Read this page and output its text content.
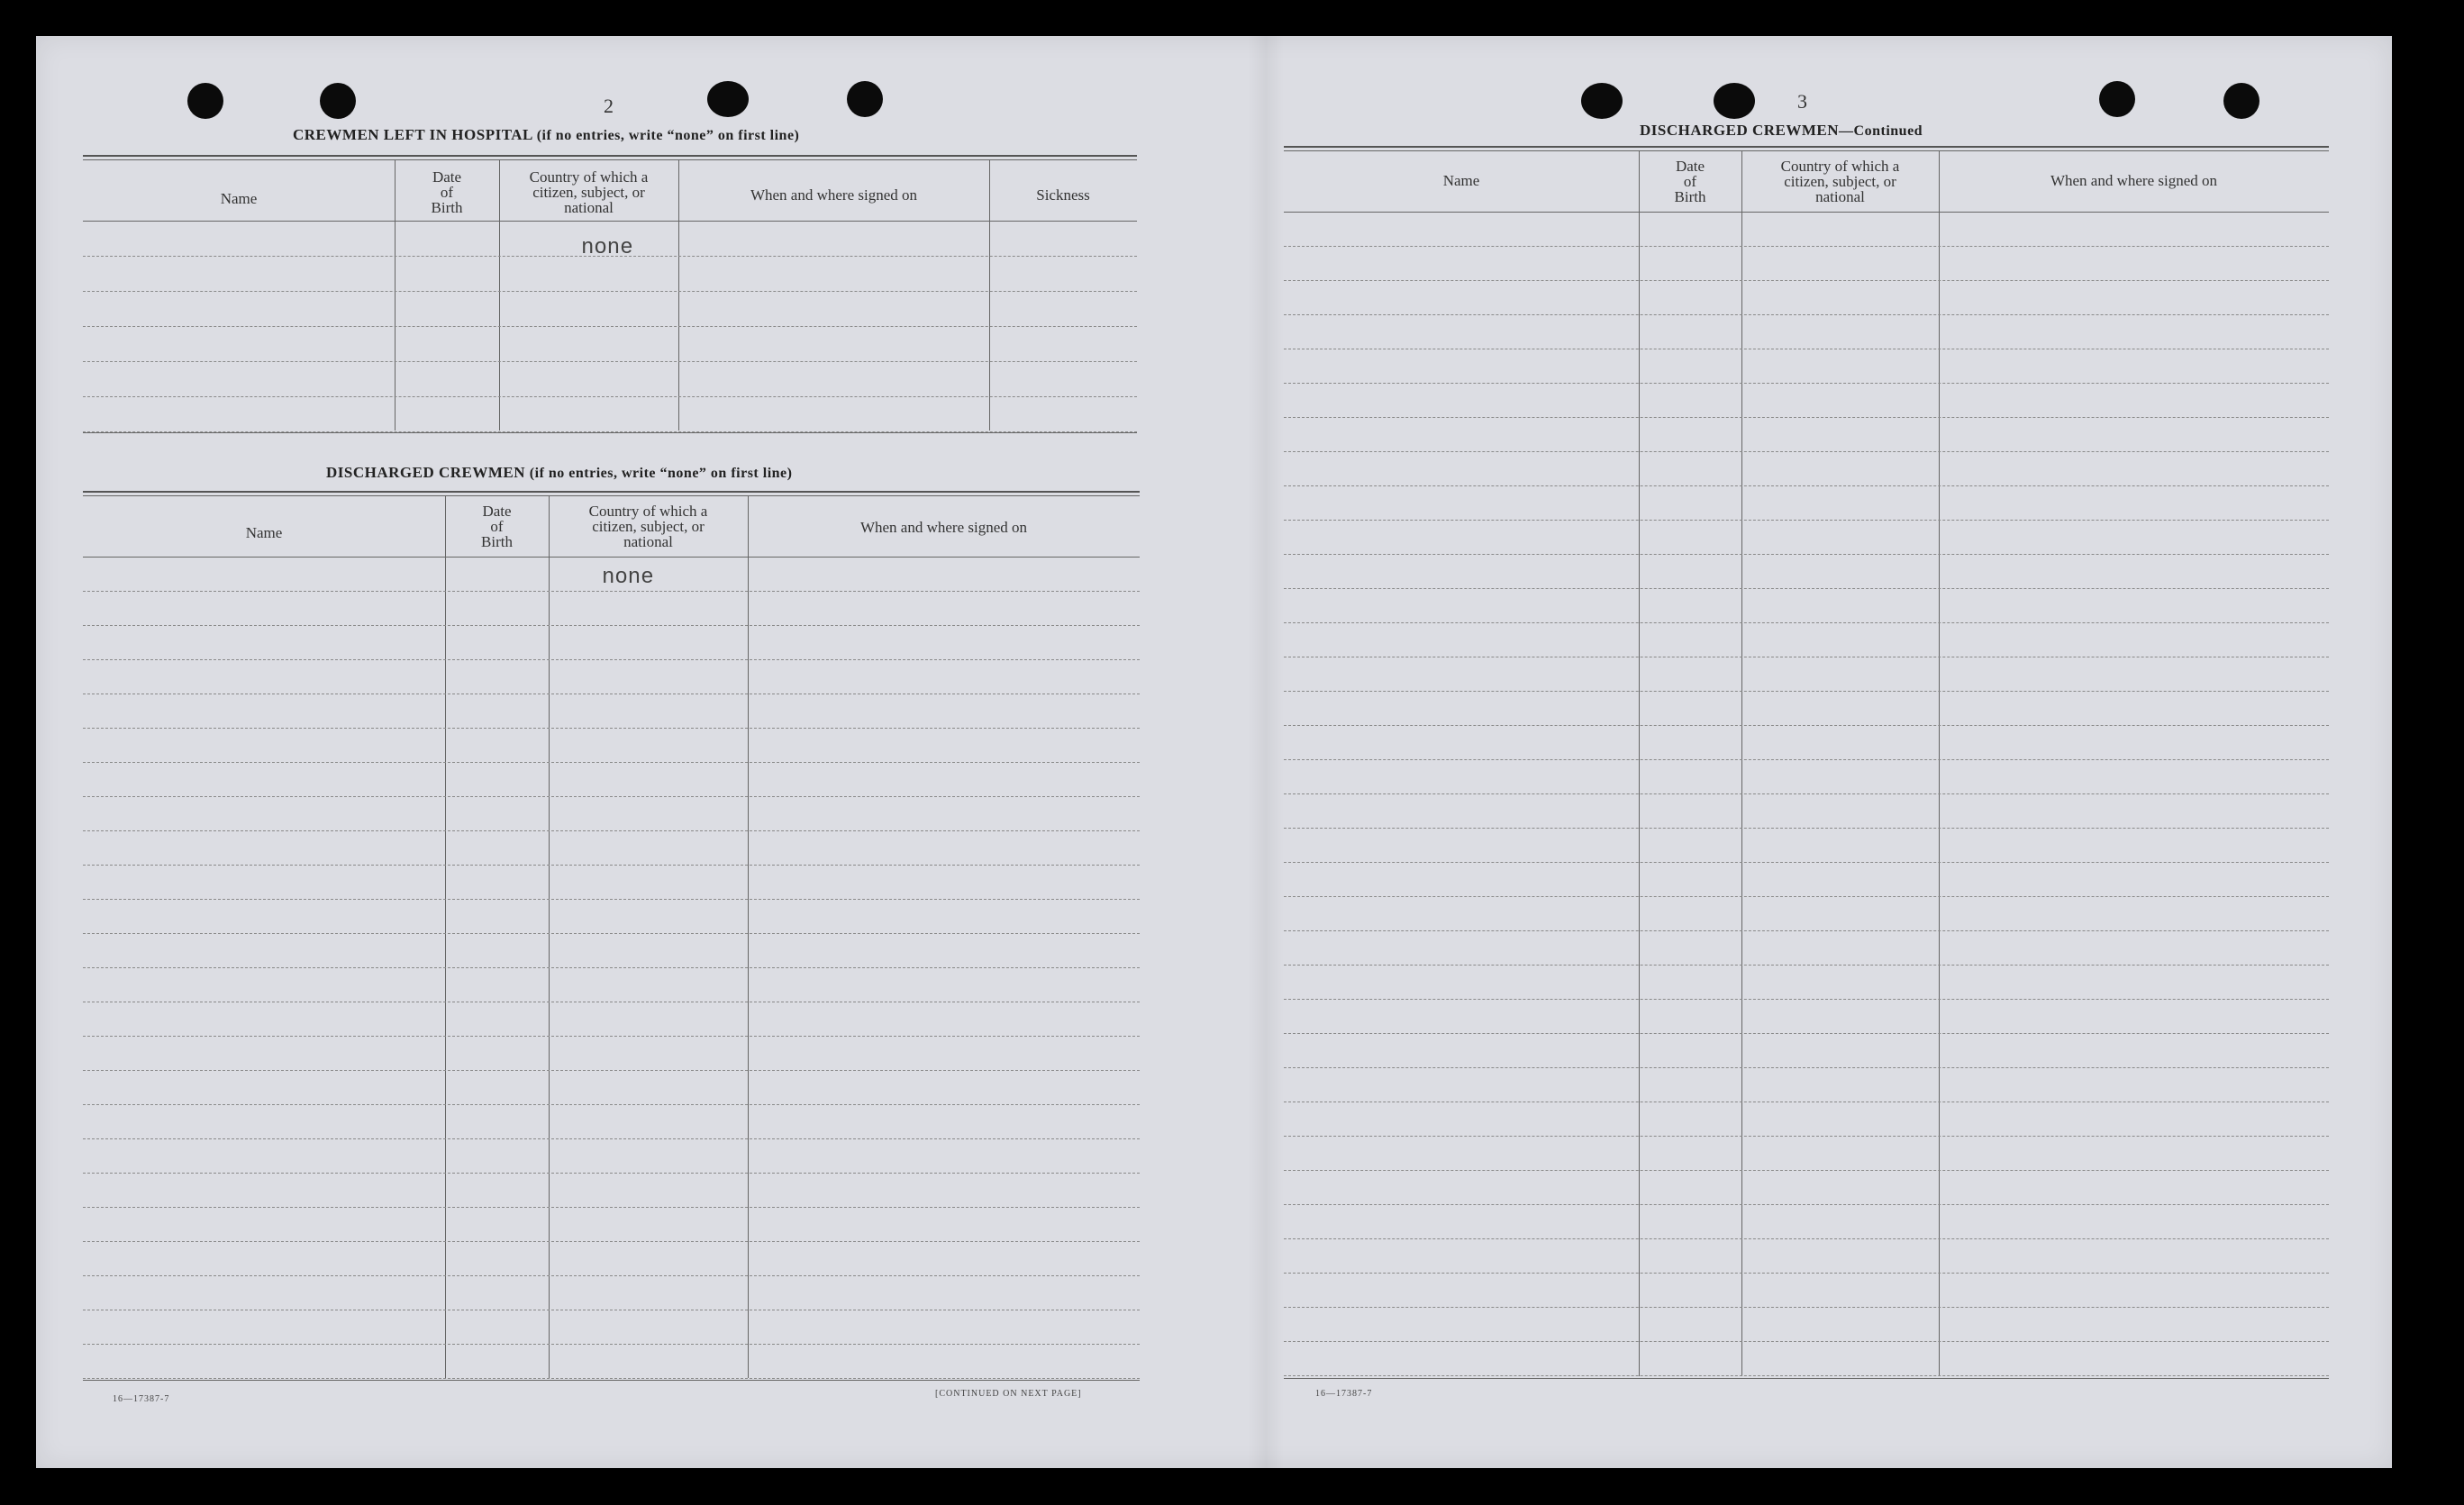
2
CREWMEN LEFT IN HOSPITAL (if no entries, write “none” on first line)
Name
Date
of
Birth
Country of which a
citizen, subject, or
national
When and where signed on	Sickness
none
DISCHARGED CREWMEN (if no entries, write “none” on first line)
Name
Date
of
Birth
Country of which a
citizen, subject, or
national
When and where signed on
none
16—17387-7
[CONTINUED ON NEXT PAGE]
3
DISCHARGED CREWMEN—Continued
Name
Date
of
Birth
Country of which a
citizen, subject, or
national
When and where signed on
16—17387-7
